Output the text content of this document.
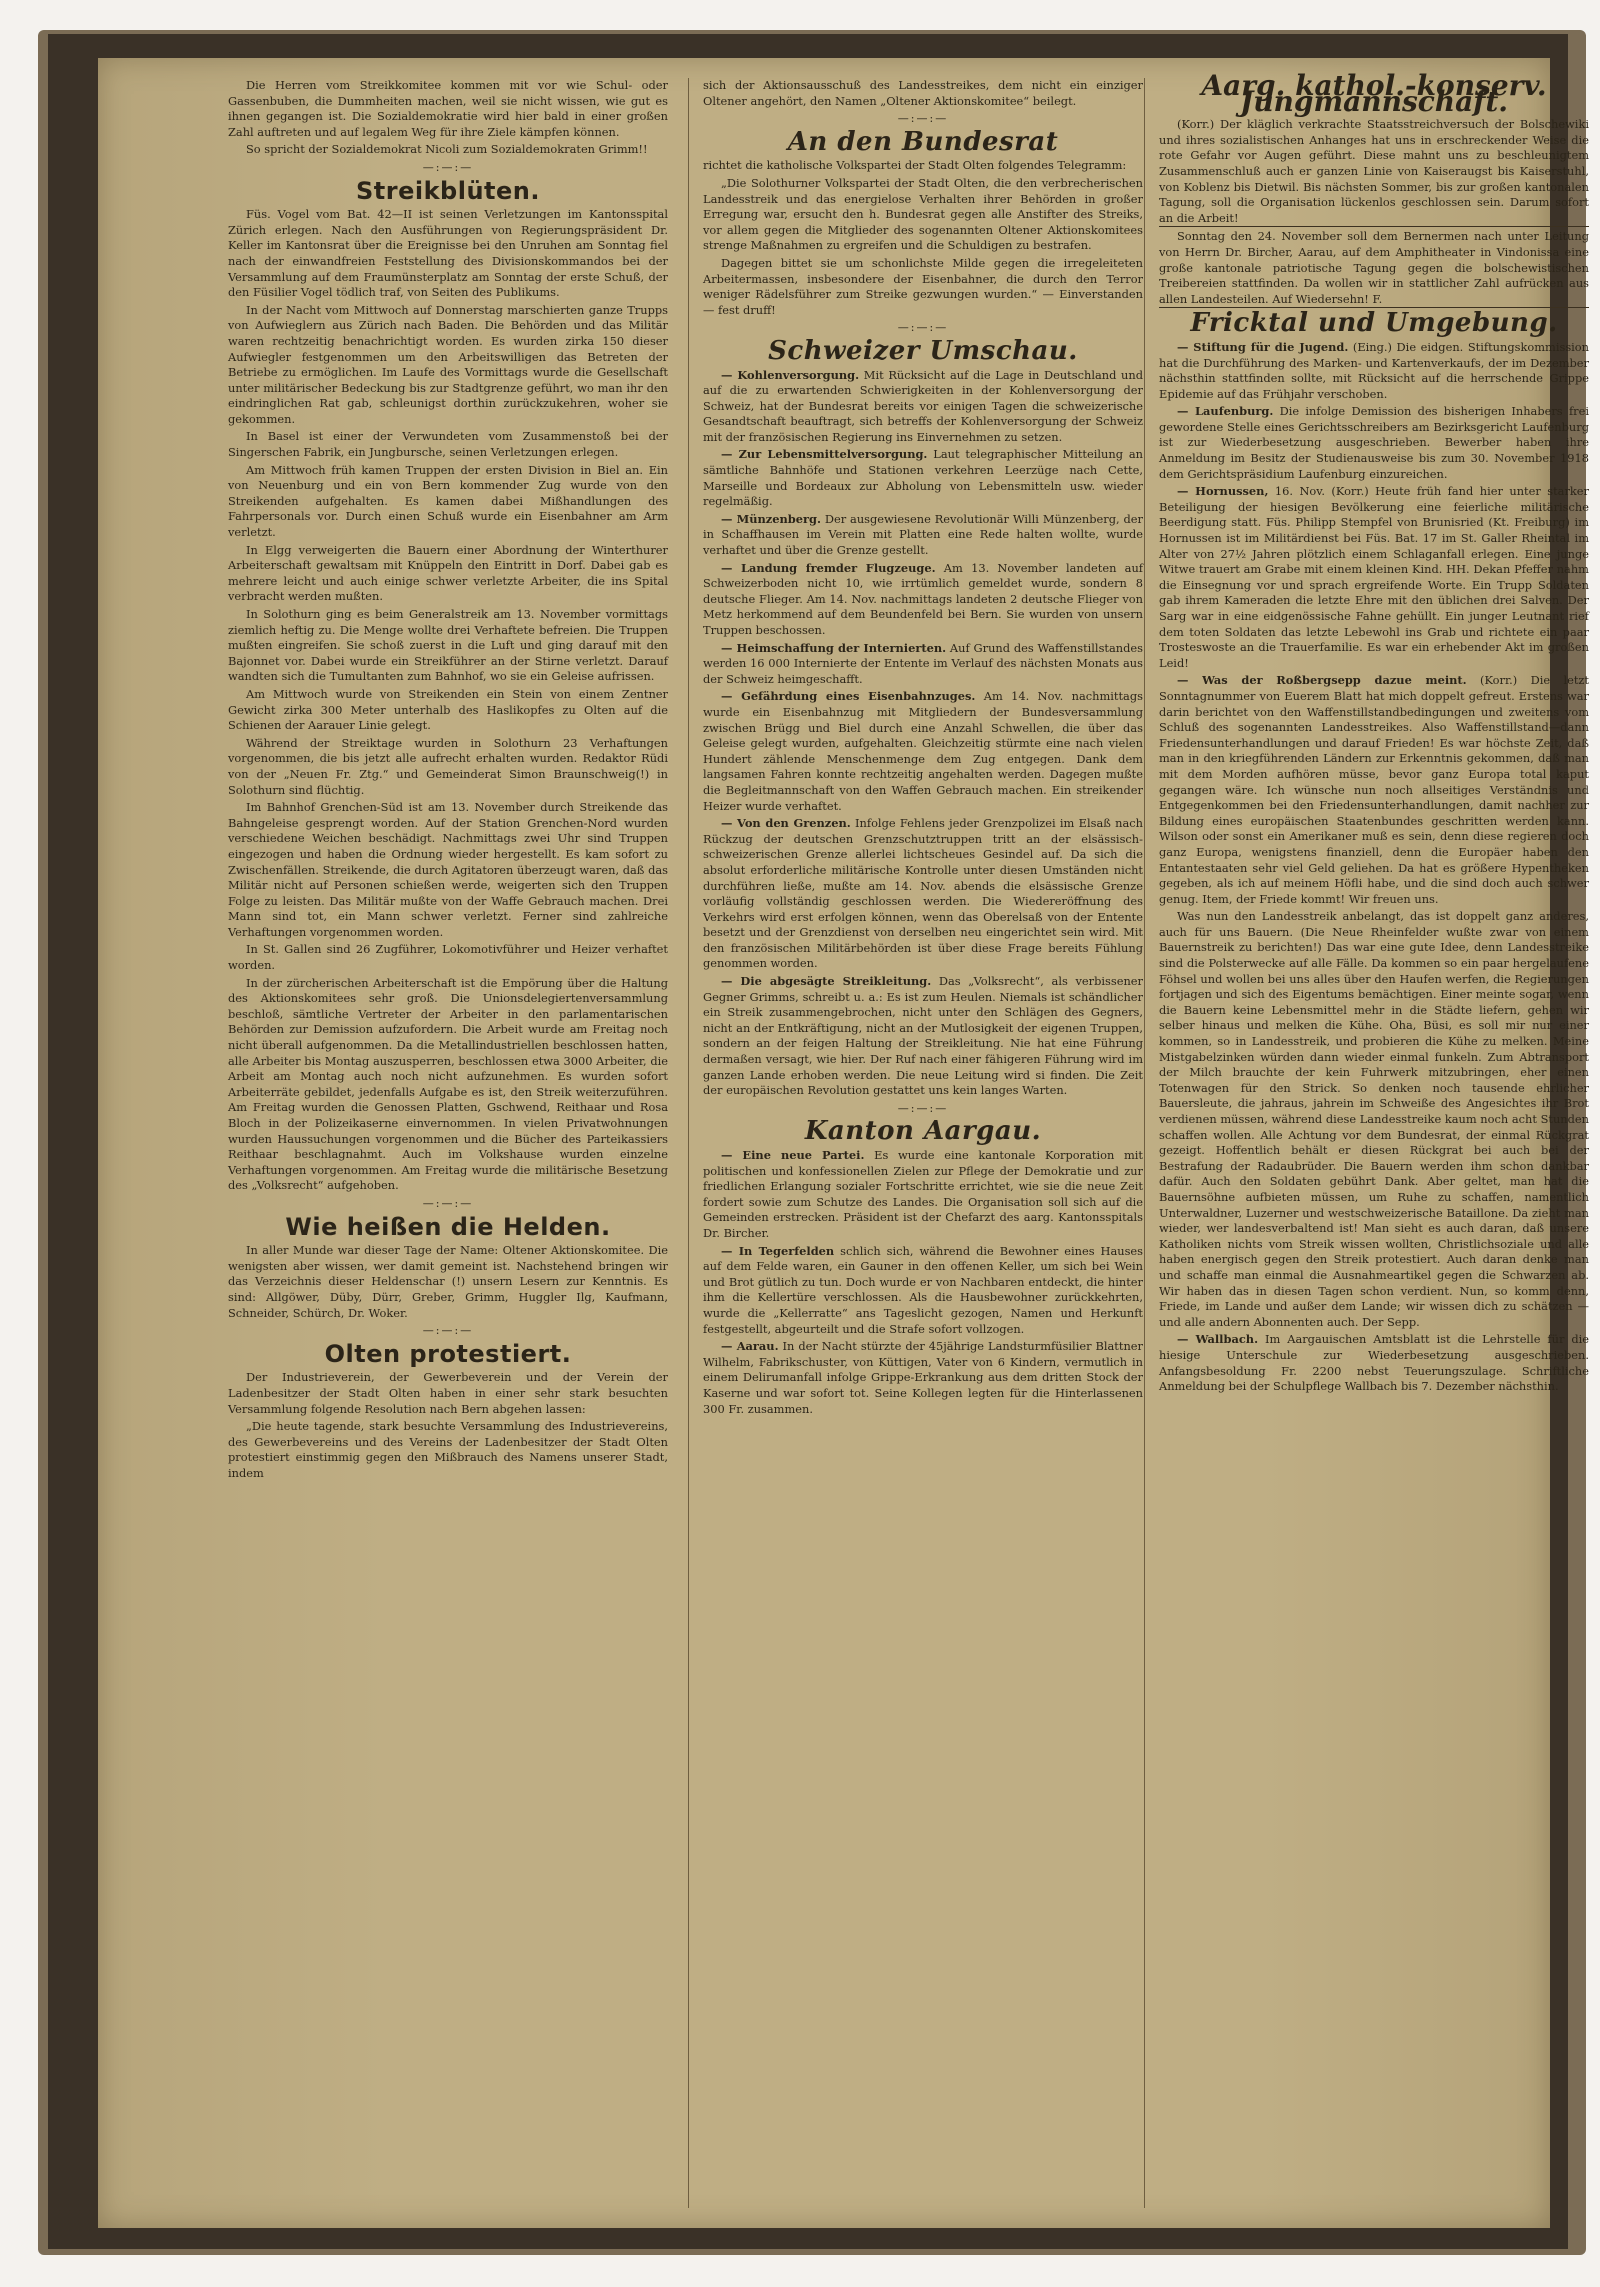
Die Herren vom Streikkomitee kommen mit vor wie Schul- oder Gassenbuben, die Dummheiten machen, weil sie nicht wissen, wie gut es ihnen gegangen ist. Die Sozialdemokratie wird hier bald in einer großen Zahl auftreten und auf legalem Weg für ihre Ziele kämpfen können.

So spricht der Sozialdemokrat Nicoli zum Sozialdemokraten Grimm!!

—:—:—
Streikblüten.

Füs. Vogel vom Bat. 42—II ist seinen Verletzungen im Kantonsspital Zürich erlegen. Nach den Ausführungen von Regierungspräsident Dr. Keller im Kantonsrat über die Ereignisse bei den Unruhen am Sonntag fiel nach der einwandfreien Feststellung des Divisionskommandos bei der Versammlung auf dem Fraumünsterplatz am Sonntag der erste Schuß, der den Füsilier Vogel tödlich traf, von Seiten des Publikums.

In der Nacht vom Mittwoch auf Donnerstag marschierten ganze Trupps von Aufwieglern aus Zürich nach Baden. Die Behörden und das Militär waren rechtzeitig benachrichtigt worden. Es wurden zirka 150 dieser Aufwiegler festgenommen um den Arbeitswilligen das Betreten der Betriebe zu ermöglichen. Im Laufe des Vormittags wurde die Gesellschaft unter militärischer Bedeckung bis zur Stadtgrenze geführt, wo man ihr den eindringlichen Rat gab, schleunigst dorthin zurückzukehren, woher sie gekommen.

In Basel ist einer der Verwundeten vom Zusammenstoß bei der Singerschen Fabrik, ein Jungbursche, seinen Verletzungen erlegen.

Am Mittwoch früh kamen Truppen der ersten Division in Biel an. Ein von Neuenburg und ein von Bern kommender Zug wurde von den Streikenden aufgehalten. Es kamen dabei Mißhandlungen des Fahrpersonals vor. Durch einen Schuß wurde ein Eisenbahner am Arm verletzt.

In Elgg verweigerten die Bauern einer Abordnung der Winterthurer Arbeiterschaft gewaltsam mit Knüppeln den Eintritt in Dorf. Dabei gab es mehrere leicht und auch einige schwer verletzte Arbeiter, die ins Spital verbracht werden mußten.

In Solothurn ging es beim Generalstreik am 13. November vormittags ziemlich heftig zu. Die Menge wollte drei Verhaftete befreien. Die Truppen mußten eingreifen. Sie schoß zuerst in die Luft und ging darauf mit den Bajonnet vor. Dabei wurde ein Streikführer an der Stirne verletzt. Darauf wandten sich die Tumultanten zum Bahnhof, wo sie ein Geleise aufrissen.

Am Mittwoch wurde von Streikenden ein Stein von einem Zentner Gewicht zirka 300 Meter unterhalb des Haslikopfes zu Olten auf die Schienen der Aarauer Linie gelegt.

Während der Streiktage wurden in Solothurn 23 Verhaftungen vorgenommen, die bis jetzt alle aufrecht erhalten wurden. Redaktor Rüdi von der „Neuen Fr. Ztg.“ und Gemeinderat Simon Braunschweig(!) in Solothurn sind flüchtig.

Im Bahnhof Grenchen-Süd ist am 13. November durch Streikende das Bahngeleise gesprengt worden. Auf der Station Grenchen-Nord wurden verschiedene Weichen beschädigt. Nachmittags zwei Uhr sind Truppen eingezogen und haben die Ordnung wieder hergestellt. Es kam sofort zu Zwischenfällen. Streikende, die durch Agitatoren überzeugt waren, daß das Militär nicht auf Personen schießen werde, weigerten sich den Truppen Folge zu leisten. Das Militär mußte von der Waffe Gebrauch machen. Drei Mann sind tot, ein Mann schwer verletzt. Ferner sind zahlreiche Verhaftungen vorgenommen worden.

In St. Gallen sind 26 Zugführer, Lokomotivführer und Heizer verhaftet worden.

In der zürcherischen Arbeiterschaft ist die Empörung über die Haltung des Aktionskomitees sehr groß. Die Unionsdelegiertenversammlung beschloß, sämtliche Vertreter der Arbeiter in den parlamentarischen Behörden zur Demission aufzufordern. Die Arbeit wurde am Freitag noch nicht überall aufgenommen. Da die Metallindustriellen beschlossen hatten, alle Arbeiter bis Montag auszusperren, beschlossen etwa 3000 Arbeiter, die Arbeit am Montag auch noch nicht aufzunehmen. Es wurden sofort Arbeiterräte gebildet, jedenfalls Aufgabe es ist, den Streik weiterzuführen. Am Freitag wurden die Genossen Platten, Gschwend, Reithaar und Rosa Bloch in der Polizeikaserne einvernommen. In vielen Privatwohnungen wurden Haussuchungen vorgenommen und die Bücher des Parteikassiers Reithaar beschlagnahmt. Auch im Volkshause wurden einzelne Verhaftungen vorgenommen. Am Freitag wurde die militärische Besetzung des „Volksrecht“ aufgehoben.

—:—:—
Wie heißen die Helden.

In aller Munde war dieser Tage der Name: Oltener Aktionskomitee. Die wenigsten aber wissen, wer damit gemeint ist. Nachstehend bringen wir das Verzeichnis dieser Heldenschar (!) unsern Lesern zur Kenntnis. Es sind: Allgöwer, Düby, Dürr, Greber, Grimm, Huggler Ilg, Kaufmann, Schneider, Schürch, Dr. Woker.

—:—:—
Olten protestiert.

Der Industrieverein, der Gewerbeverein und der Verein der Ladenbesitzer der Stadt Olten haben in einer sehr stark besuchten Versammlung folgende Resolution nach Bern abgehen lassen:

„Die heute tagende, stark besuchte Versammlung des Industrievereins, des Gewerbevereins und des Vereins der Ladenbesitzer der Stadt Olten protestiert einstimmig gegen den Mißbrauch des Namens unserer Stadt, indem

sich der Aktionsausschuß des Landesstreikes, dem nicht ein einziger Oltener angehört, den Namen „Oltener Aktionskomitee“ beilegt.

—:—:—
An den Bundesrat

richtet die katholische Volkspartei der Stadt Olten folgendes Telegramm:

„Die Solothurner Volkspartei der Stadt Olten, die den verbrecherischen Landesstreik und das energielose Verhalten ihrer Behörden in großer Erregung war, ersucht den h. Bundesrat gegen alle Anstifter des Streiks, vor allem gegen die Mitglieder des sogenannten Oltener Aktionskomitees strenge Maßnahmen zu ergreifen und die Schuldigen zu bestrafen.

Dagegen bittet sie um schonlichste Milde gegen die irregeleiteten Arbeitermassen, insbesondere der Eisenbahner, die durch den Terror weniger Rädelsführer zum Streike gezwungen wurden.“ — Einverstanden — fest druff!

—:—:—
Schweizer Umschau.

— Kohlenversorgung. Mit Rücksicht auf die Lage in Deutschland und auf die zu erwartenden Schwierigkeiten in der Kohlenversorgung der Schweiz, hat der Bundesrat bereits vor einigen Tagen die schweizerische Gesandtschaft beauftragt, sich betreffs der Kohlenversorgung der Schweiz mit der französischen Regierung ins Einvernehmen zu setzen.

— Zur Lebensmittelversorgung. Laut telegraphischer Mitteilung an sämtliche Bahnhöfe und Stationen verkehren Leerzüge nach Cette, Marseille und Bordeaux zur Abholung von Lebensmitteln usw. wieder regelmäßig.

— Münzenberg. Der ausgewiesene Revolutionär Willi Münzenberg, der in Schaffhausen im Verein mit Platten eine Rede halten wollte, wurde verhaftet und über die Grenze gestellt.

— Landung fremder Flugzeuge. Am 13. November landeten auf Schweizerboden nicht 10, wie irrtümlich gemeldet wurde, sondern 8 deutsche Flieger. Am 14. Nov. nachmittags landeten 2 deutsche Flieger von Metz herkommend auf dem Beundenfeld bei Bern. Sie wurden von unsern Truppen beschossen.

— Heimschaffung der Internierten. Auf Grund des Waffenstillstandes werden 16 000 Internierte der Entente im Verlauf des nächsten Monats aus der Schweiz heimgeschafft.

— Gefährdung eines Eisenbahnzuges. Am 14. Nov. nachmittags wurde ein Eisenbahnzug mit Mitgliedern der Bundesversammlung zwischen Brügg und Biel durch eine Anzahl Schwellen, die über das Geleise gelegt wurden, aufgehalten. Gleichzeitig stürmte eine nach vielen Hundert zählende Menschenmenge dem Zug entgegen. Dank dem langsamen Fahren konnte rechtzeitig angehalten werden. Dagegen mußte die Begleitmannschaft von den Waffen Gebrauch machen. Ein streikender Heizer wurde verhaftet.

— Von den Grenzen. Infolge Fehlens jeder Grenzpolizei im Elsaß nach Rückzug der deutschen Grenzschutztruppen tritt an der elsässisch-schweizerischen Grenze allerlei lichtscheues Gesindel auf. Da sich die absolut erforderliche militärische Kontrolle unter diesen Umständen nicht durchführen ließe, mußte am 14. Nov. abends die elsässische Grenze vorläufig vollständig geschlossen werden. Die Wiedereröffnung des Verkehrs wird erst erfolgen können, wenn das Oberelsaß von der Entente besetzt und der Grenzdienst von derselben neu eingerichtet sein wird. Mit den französischen Militärbehörden ist über diese Frage bereits Fühlung genommen worden.

— Die abgesägte Streikleitung. Das „Volksrecht“, als verbissener Gegner Grimms, schreibt u. a.: Es ist zum Heulen. Niemals ist schändlicher ein Streik zusammengebrochen, nicht unter den Schlägen des Gegners, nicht an der Entkräftigung, nicht an der Mutlosigkeit der eigenen Truppen, sondern an der feigen Haltung der Streikleitung. Nie hat eine Führung dermaßen versagt, wie hier. Der Ruf nach einer fähigeren Führung wird im ganzen Lande erhoben werden. Die neue Leitung wird si finden. Die Zeit der europäischen Revolution gestattet uns kein langes Warten.

—:—:—
Kanton Aargau.

— Eine neue Partei. Es wurde eine kantonale Korporation mit politischen und konfessionellen Zielen zur Pflege der Demokratie und zur friedlichen Erlangung sozialer Fortschritte errichtet, wie sie die neue Zeit fordert sowie zum Schutze des Landes. Die Organisation soll sich auf die Gemeinden erstrecken. Präsident ist der Chefarzt des aarg. Kantonsspitals Dr. Bircher.

— In Tegerfelden schlich sich, während die Bewohner eines Hauses auf dem Felde waren, ein Gauner in den offenen Keller, um sich bei Wein und Brot gütlich zu tun. Doch wurde er von Nachbaren entdeckt, die hinter ihm die Kellertüre verschlossen. Als die Hausbewohner zurückkehrten, wurde die „Kellerratte“ ans Tageslicht gezogen, Namen und Herkunft festgestellt, abgeurteilt und die Strafe sofort vollzogen.

— Aarau. In der Nacht stürzte der 45jährige Landsturmfüsilier Blattner Wilhelm, Fabrikschuster, von Küttigen, Vater von 6 Kindern, vermutlich in einem Delirumanfall infolge Grippe-Erkrankung aus dem dritten Stock der Kaserne und war sofort tot. Seine Kollegen legten für die Hinterlassenen 300 Fr. zusammen.

Aarg. kathol.-konserv. Jungmannschaft.

(Korr.) Der kläglich verkrachte Staatsstreichversuch der Bolschewiki und ihres sozialistischen Anhanges hat uns in erschreckender Weise die rote Gefahr vor Augen geführt. Diese mahnt uns zu beschleunigtem Zusammenschluß auch er ganzen Linie von Kaiseraugst bis Kaiserstuhl, von Koblenz bis Dietwil. Bis nächsten Sommer, bis zur großen kantonalen Tagung, soll die Organisation lückenlos geschlossen sein. Darum sofort an die Arbeit!

Sonntag den 24. November soll dem Bernermen nach unter Leitung von Herrn Dr. Bircher, Aarau, auf dem Amphitheater in Vindonissa eine große kantonale patriotische Tagung gegen die bolschewistischen Treibereien stattfinden. Da wollen wir in stattlicher Zahl aufrücken aus allen Landesteilen. Auf Wiedersehn! F.

Fricktal und Umgebung.

— Stiftung für die Jugend. (Eing.) Die eidgen. Stiftungskommission hat die Durchführung des Marken- und Kartenverkaufs, der im Dezember nächsthin stattfinden sollte, mit Rücksicht auf die herrschende Grippe Epidemie auf das Frühjahr verschoben.

— Laufenburg. Die infolge Demission des bisherigen Inhabers frei gewordene Stelle eines Gerichtsschreibers am Bezirksgericht Laufenburg ist zur Wiederbesetzung ausgeschrieben. Bewerber haben ihre Anmeldung im Besitz der Studienausweise bis zum 30. November 1918 dem Gerichtspräsidium Laufenburg einzureichen.

— Hornussen, 16. Nov. (Korr.) Heute früh fand hier unter starker Beteiligung der hiesigen Bevölkerung eine feierliche militärische Beerdigung statt. Füs. Philipp Stempfel von Brunisried (Kt. Freiburg) im Hornussen ist im Militärdienst bei Füs. Bat. 17 im St. Galler Rheintal im Alter von 27½ Jahren plötzlich einem Schlaganfall erlegen. Eine junge Witwe trauert am Grabe mit einem kleinen Kind. HH. Dekan Pfeffer nahm die Einsegnung vor und sprach ergreifende Worte. Ein Trupp Soldaten gab ihrem Kameraden die letzte Ehre mit den üblichen drei Salven. Der Sarg war in eine eidgenössische Fahne gehüllt. Ein junger Leutnant rief dem toten Soldaten das letzte Lebewohl ins Grab und richtete ein paar Trosteswoste an die Trauerfamilie. Es war ein erhebender Akt im großen Leid!

— Was der Roßbergsepp dazue meint. (Korr.) Die letzt Sonntagnummer von Euerem Blatt hat mich doppelt gefreut. Erstens war darin berichtet von den Waffenstillstandbedingungen und zweitens vom Schluß des sogenannten Landesstreikes. Also Waffenstillstand—dann Friedensunterhandlungen und darauf Frieden! Es war höchste Zeit, daß man in den kriegführenden Ländern zur Erkenntnis gekommen, daß man mit dem Morden aufhören müsse, bevor ganz Europa total kaput gegangen wäre. Ich wünsche nun noch allseitiges Verständnis und Entgegenkommen bei den Friedensunterhandlungen, damit nachher zur Bildung eines europäischen Staatenbundes geschritten werden kann. Wilson oder sonst ein Amerikaner muß es sein, denn diese regieren doch ganz Europa, wenigstens finanziell, denn die Europäer haben den Entantestaaten sehr viel Geld geliehen. Da hat es größere Hypentheken gegeben, als ich auf meinem Höfli habe, und die sind doch auch schwer genug. Item, der Friede kommt! Wir freuen uns.

Was nun den Landesstreik anbelangt, das ist doppelt ganz anderes, auch für uns Bauern. (Die Neue Rheinfelder wußte zwar von einem Bauernstreik zu berichten!) Das war eine gute Idee, denn Landesstreike sind die Polsterwecke auf alle Fälle. Da kommen so ein paar hergelaufene Föhsel und wollen bei uns alles über den Haufen werfen, die Regierungen fortjagen und sich des Eigentums bemächtigen. Einer meinte sogar, wenn die Bauern keine Lebensmittel mehr in die Städte liefern, gehen wir selber hinaus und melken die Kühe. Oha, Büsi, es soll mir nur einer kommen, so in Landesstreik, und probieren die Kühe zu melken. Meine Mistgabelzinken würden dann wieder einmal funkeln. Zum Abtransport der Milch brauchte der kein Fuhrwerk mitzubringen, eher einen Totenwagen für den Strick. So denken noch tausende ehrlicher Bauersleute, die jahraus, jahrein im Schweiße des Angesichtes ihr Brot verdienen müssen, während diese Landesstreike kaum noch acht Stunden schaffen wollen. Alle Achtung vor dem Bundesrat, der einmal Rückgrat gezeigt. Hoffentlich behält er diesen Rückgrat bei auch bei der Bestrafung der Radaubrüder. Die Bauern werden ihm schon dankbar dafür. Auch den Soldaten gebührt Dank. Aber geltet, man hat die Bauernsöhne aufbieten müssen, um Ruhe zu schaffen, namentlich Unterwaldner, Luzerner und westschweizerische Bataillone. Da zieht man wieder, wer landesverbaltend ist! Man sieht es auch daran, daß unsere Katholiken nichts vom Streik wissen wollten, Christlichsoziale und alle haben energisch gegen den Streik protestiert. Auch daran denke man und schaffe man einmal die Ausnahmeartikel gegen die Schwarzen ab. Wir haben das in diesen Tagen schon verdient. Nun, so komm denn, Friede, im Lande und außer dem Lande; wir wissen dich zu schätzen — und alle andern Abonnenten auch. Der Sepp.

— Wallbach. Im Aargauischen Amtsblatt ist die Lehrstelle für die hiesige Unterschule zur Wiederbesetzung ausgeschrieben. Anfangsbesoldung Fr. 2200 nebst Teuerungszulage. Schriftliche Anmeldung bei der Schulpflege Wallbach bis 7. Dezember nächsthin.
